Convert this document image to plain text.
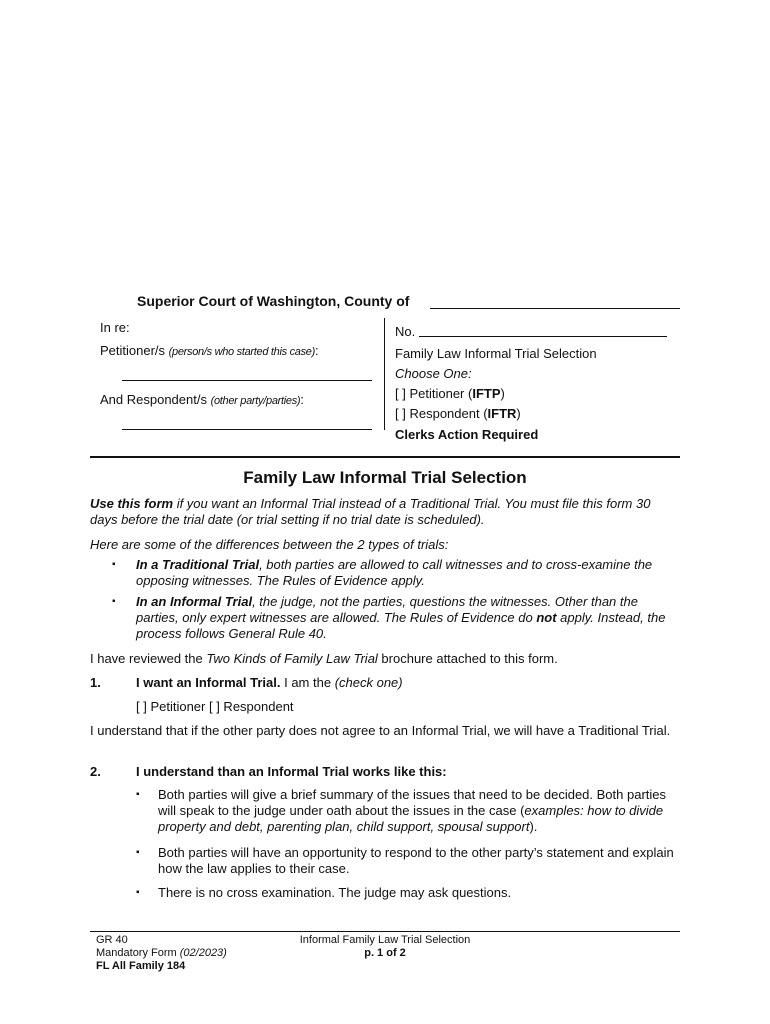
Superior Court of Washington, County of
In re:
Petitioner/s (person/s who started this case):
And Respondent/s (other party/parties):
No.
Family Law Informal Trial Selection
Choose One:
[ ] Petitioner (IFTP)
[ ] Respondent (IFTR)
Clerks Action Required
Family Law Informal Trial Selection
Use this form if you want an Informal Trial instead of a Traditional Trial. You must file this form 30 days before the trial date (or trial setting if no trial date is scheduled).
Here are some of the differences between the 2 types of trials:
▪ In a Traditional Trial, both parties are allowed to call witnesses and to cross-examine the opposing witnesses. The Rules of Evidence apply.
▪ In an Informal Trial, the judge, not the parties, questions the witnesses. Other than the parties, only expert witnesses are allowed. The Rules of Evidence do not apply. Instead, the process follows General Rule 40.
I have reviewed the Two Kinds of Family Law Trial brochure attached to this form.
1.	I want an Informal Trial. I am the (check one)
[ ] Petitioner [ ] Respondent
I understand that if the other party does not agree to an Informal Trial, we will have a Traditional Trial.
2.	I understand than an Informal Trial works like this:
▪ Both parties will give a brief summary of the issues that need to be decided. Both parties will speak to the judge under oath about the issues in the case (examples: how to divide property and debt, parenting plan, child support, spousal support).
▪ Both parties will have an opportunity to respond to the other party’s statement and explain how the law applies to their case.
▪ There is no cross examination. The judge may ask questions.
GR 40
Mandatory Form (02/2023)
FL All Family 184
Informal Family Law Trial Selection
p. 1 of 2
